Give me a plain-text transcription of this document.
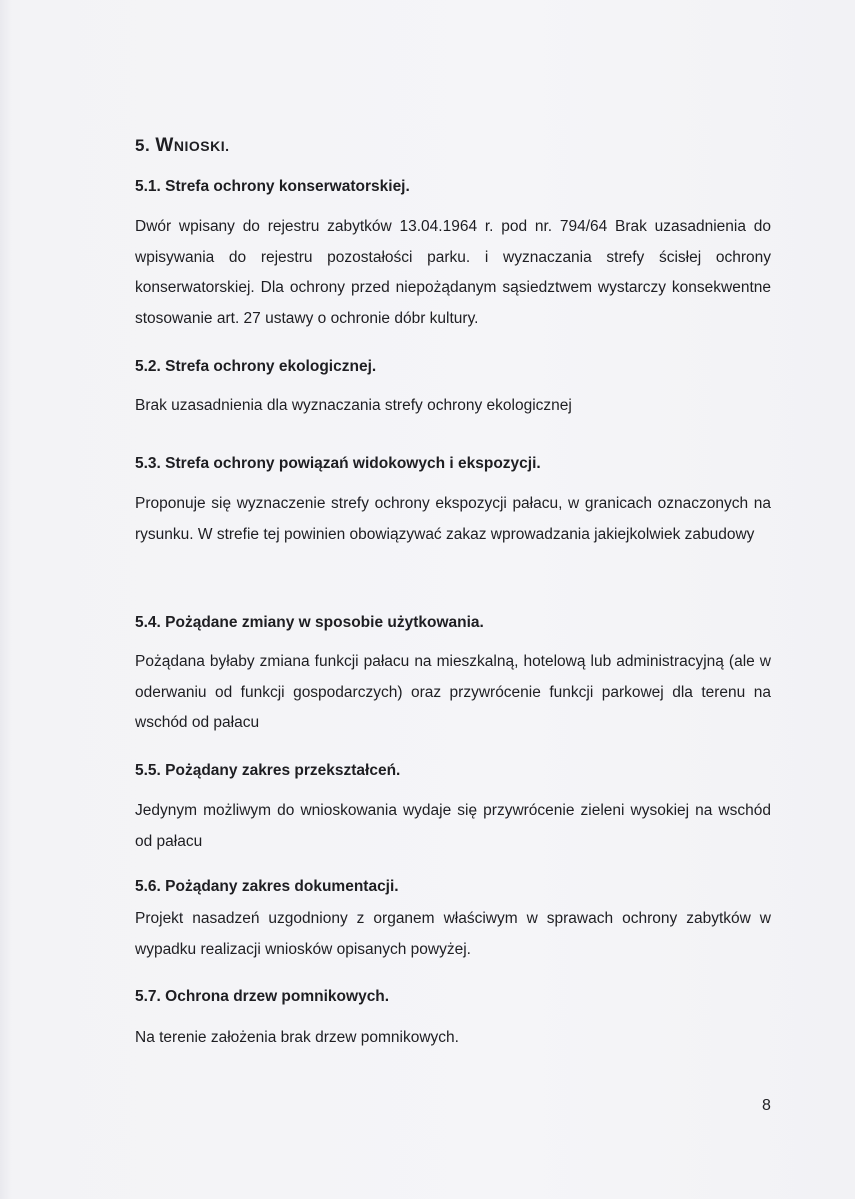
5. WNIOSKI.
5.1. Strefa ochrony konserwatorskiej.
Dwór wpisany do rejestru zabytków 13.04.1964 r. pod nr. 794/64 Brak uzasadnienia do wpisywania do rejestru pozostałości parku. i wyznaczania strefy ścisłej ochrony konserwatorskiej. Dla ochrony przed niepożądanym sąsiedztwem wystarczy konsekwentne stosowanie art. 27 ustawy o ochronie dóbr kultury.
5.2. Strefa ochrony ekologicznej.
Brak uzasadnienia dla wyznaczania strefy ochrony ekologicznej
5.3. Strefa ochrony powiązań widokowych i ekspozycji.
Proponuje się wyznaczenie strefy ochrony ekspozycji pałacu, w granicach oznaczonych na rysunku. W strefie tej powinien obowiązywać zakaz wprowadzania jakiejkolwiek zabudowy
5.4. Pożądane zmiany w sposobie użytkowania.
Pożądana byłaby zmiana funkcji pałacu na mieszkalną, hotelową lub administracyjną (ale w oderwaniu od funkcji gospodarczych) oraz przywrócenie funkcji parkowej dla terenu na wschód od pałacu
5.5. Pożądany zakres przekształceń.
Jedynym możliwym do wnioskowania wydaje się przywrócenie zieleni wysokiej na wschód od pałacu
5.6. Pożądany zakres dokumentacji.
Projekt nasadzeń uzgodniony z organem właściwym w sprawach ochrony zabytków w wypadku realizacji wniosków opisanych powyżej.
5.7. Ochrona drzew pomnikowych.
Na terenie założenia brak drzew pomnikowych.
8
